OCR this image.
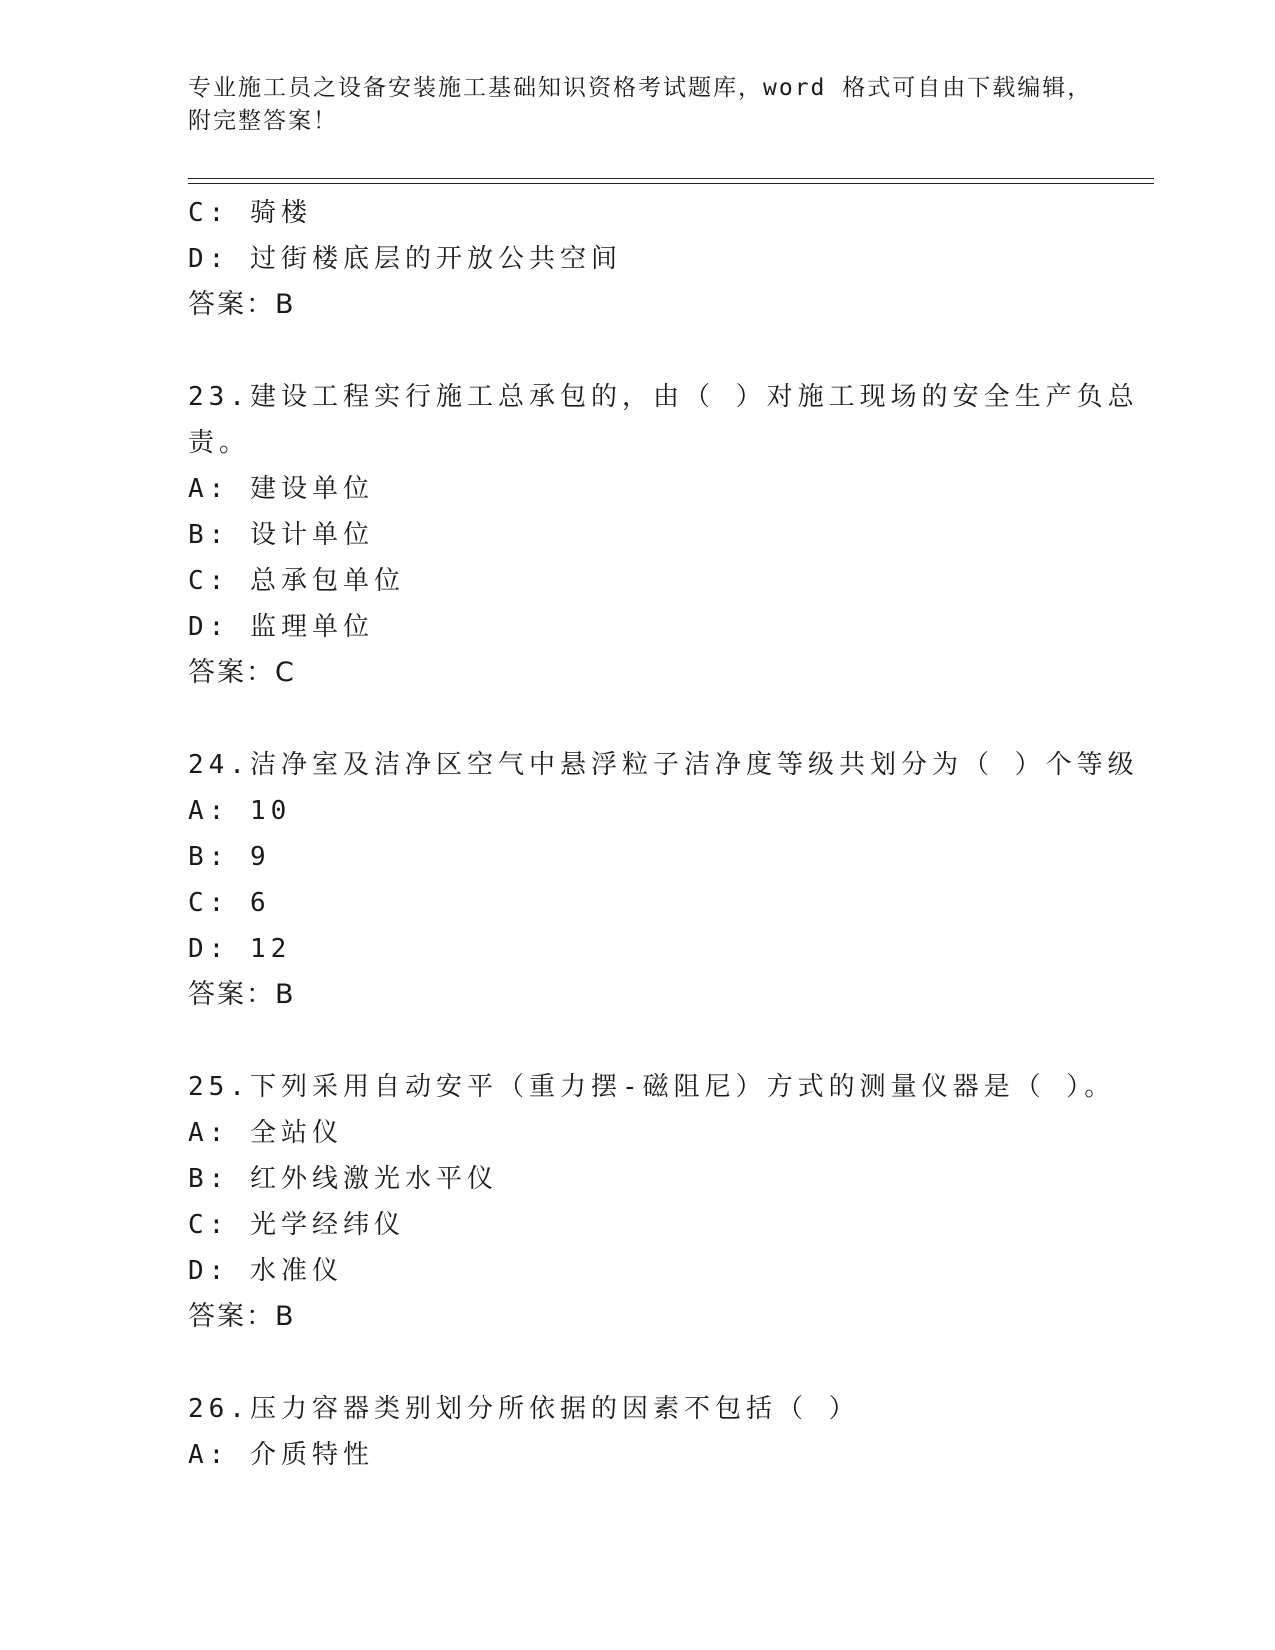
专业施工员之设备安装施工基础知识资格考试题库，word 格式可自由下载编辑，
附完整答案！
C: 骑楼
D: 过街楼底层的开放公共空间
答案：B
23.建设工程实行施工总承包的，由（ ）对施工现场的安全生产负总
责。
A: 建设单位
B: 设计单位
C: 总承包单位
D: 监理单位
答案：C
24.洁净室及洁净区空气中悬浮粒子洁净度等级共划分为（ ）个等级
A: 10
B: 9
C: 6
D: 12
答案：B
25.下列采用自动安平（重力摆-磁阻尼）方式的测量仪器是（ ）。
A: 全站仪
B: 红外线激光水平仪
C: 光学经纬仪
D: 水准仪
答案：B
26.压力容器类别划分所依据的因素不包括（ ）
A: 介质特性
